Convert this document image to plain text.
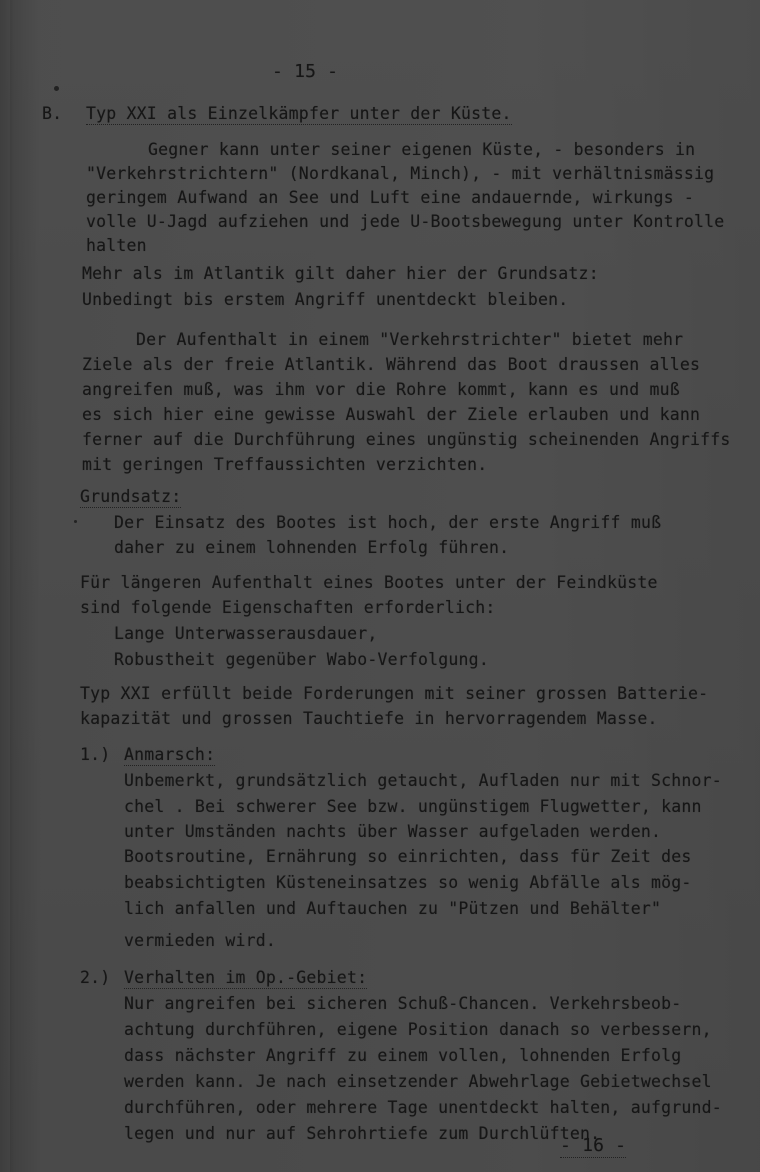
- 15 -
B. Typ XXI als Einzelkämpfer unter der Küste.
Gegner kann unter seiner eigenen Küste, - besonders in
"Verkehrstrichtern" (Nordkanal, Minch), - mit verhältnismässig
geringem Aufwand an See und Luft eine andauernde, wirkungs -
volle U-Jagd aufziehen und jede U-Bootsbewegung unter Kontrolle
halten
Mehr als im Atlantik gilt daher hier der Grundsatz:
Unbedingt bis erstem Angriff unentdeckt bleiben.
Der Aufenthalt in einem "Verkehrstrichter" bietet mehr
Ziele als der freie Atlantik. Während das Boot draussen alles
angreifen muß, was ihm vor die Rohre kommt, kann es und muß
es sich hier eine gewisse Auswahl der Ziele erlauben und kann
ferner auf die Durchführung eines ungünstig scheinenden Angriffs
mit geringen Treffaussichten verzichten.
Grundsatz:
Der Einsatz des Bootes ist hoch, der erste Angriff muß
daher zu einem lohnenden Erfolg führen.
Für längeren Aufenthalt eines Bootes unter der Feindküste
sind folgende Eigenschaften erforderlich:
Lange Unterwasserausdauer,
Robustheit gegenüber Wabo-Verfolgung.
Typ XXI erfüllt beide Forderungen mit seiner grossen Batterie-
kapazität und grossen Tauchtiefe in hervorragendem Masse.
1.) Anmarsch:
Unbemerkt, grundsätzlich getaucht, Aufladen nur mit Schnor-
chel . Bei schwerer See bzw. ungünstigem Flugwetter, kann
unter Umständen nachts über Wasser aufgeladen werden.
Bootsroutine, Ernährung so einrichten, dass für Zeit des
beabsichtigten Küsteneinsatzes so wenig Abfälle als mög-
lich anfallen und Auftauchen zu "Pützen und Behälter"
vermieden wird.
2.) Verhalten im Op.-Gebiet:
Nur angreifen bei sicheren Schuß-Chancen. Verkehrsbeob-
achtung durchführen, eigene Position danach so verbessern,
dass nächster Angriff zu einem vollen, lohnenden Erfolg
werden kann. Je nach einsetzender Abwehrlage Gebietwechsel
durchführen, oder mehrere Tage unentdeckt halten, aufgrund-
legen und nur auf Sehrohrtiefe zum Durchlüften.
- 16 -
